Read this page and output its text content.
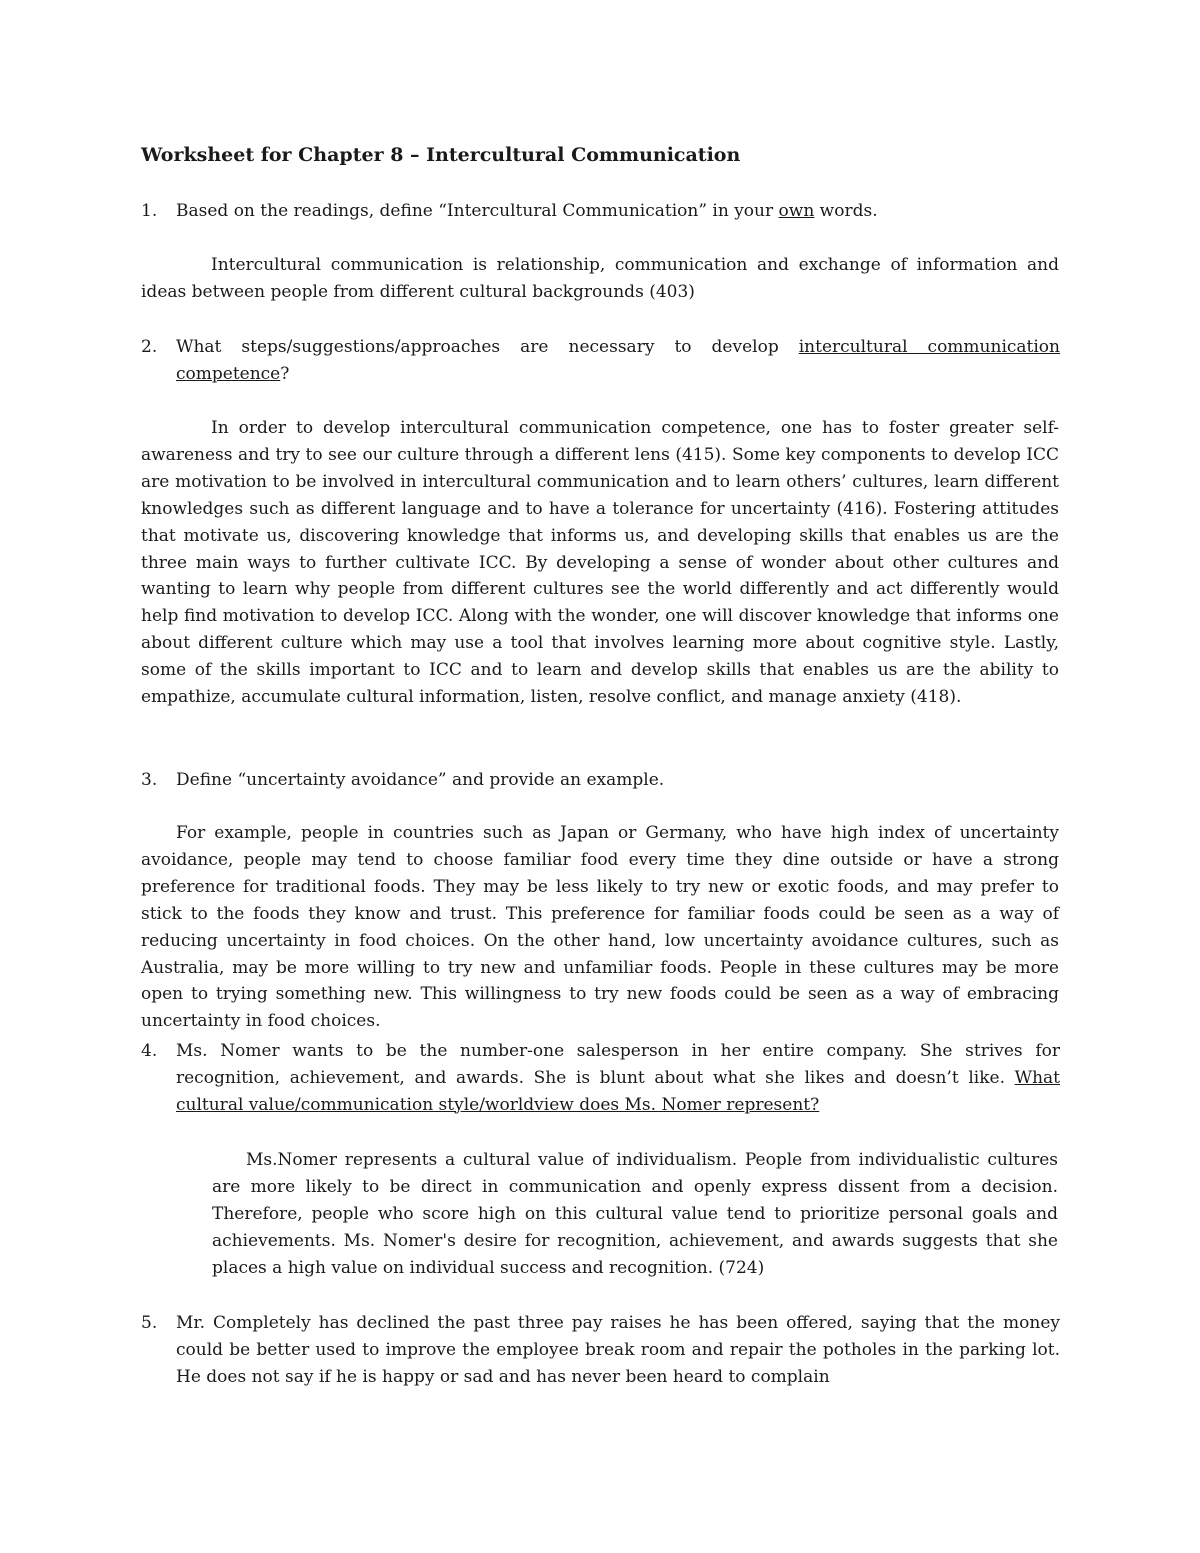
Worksheet for Chapter 8 – Intercultural Communication
1. Based on the readings, define “Intercultural Communication” in your own words.

Intercultural communication is relationship, communication and exchange of information and ideas between people from different cultural backgrounds (403)

2. What steps/suggestions/approaches are necessary to develop intercultural communication competence?

In order to develop intercultural communication competence, one has to foster greater self-awareness and try to see our culture through a different lens (415). Some key components to develop ICC are motivation to be involved in intercultural communication and to learn others’ cultures, learn different knowledges such as different language and to have a tolerance for uncertainty (416). Fostering attitudes that motivate us, discovering knowledge that informs us, and developing skills that enables us are the three main ways to further cultivate ICC. By developing a sense of wonder about other cultures and wanting to learn why people from different cultures see the world differently and act differently would help find motivation to develop ICC. Along with the wonder, one will discover knowledge that informs one about different culture which may use a tool that involves learning more about cognitive style. Lastly, some of the skills important to ICC and to learn and develop skills that enables us are the ability to empathize, accumulate cultural information, listen, resolve conflict, and manage anxiety (418).

3. Define “uncertainty avoidance” and provide an example.

For example, people in countries such as Japan or Germany, who have high index of uncertainty avoidance, people may tend to choose familiar food every time they dine outside or have a strong preference for traditional foods. They may be less likely to try new or exotic foods, and may prefer to stick to the foods they know and trust. This preference for familiar foods could be seen as a way of reducing uncertainty in food choices. On the other hand, low uncertainty avoidance cultures, such as Australia, may be more willing to try new and unfamiliar foods. People in these cultures may be more open to trying something new. This willingness to try new foods could be seen as a way of embracing uncertainty in food choices.

4. Ms. Nomer wants to be the number-one salesperson in her entire company. She strives for recognition, achievement, and awards. She is blunt about what she likes and doesn’t like. What cultural value/communication style/worldview does Ms. Nomer represent?

Ms.Nomer represents a cultural value of individualism. People from individualistic cultures are more likely to be direct in communication and openly express dissent from a decision. Therefore, people who score high on this cultural value tend to prioritize personal goals and achievements. Ms. Nomer's desire for recognition, achievement, and awards suggests that she places a high value on individual success and recognition. (724)

5. Mr. Completely has declined the past three pay raises he has been offered, saying that the money could be better used to improve the employee break room and repair the potholes in the parking lot. He does not say if he is happy or sad and has never been heard to complain
